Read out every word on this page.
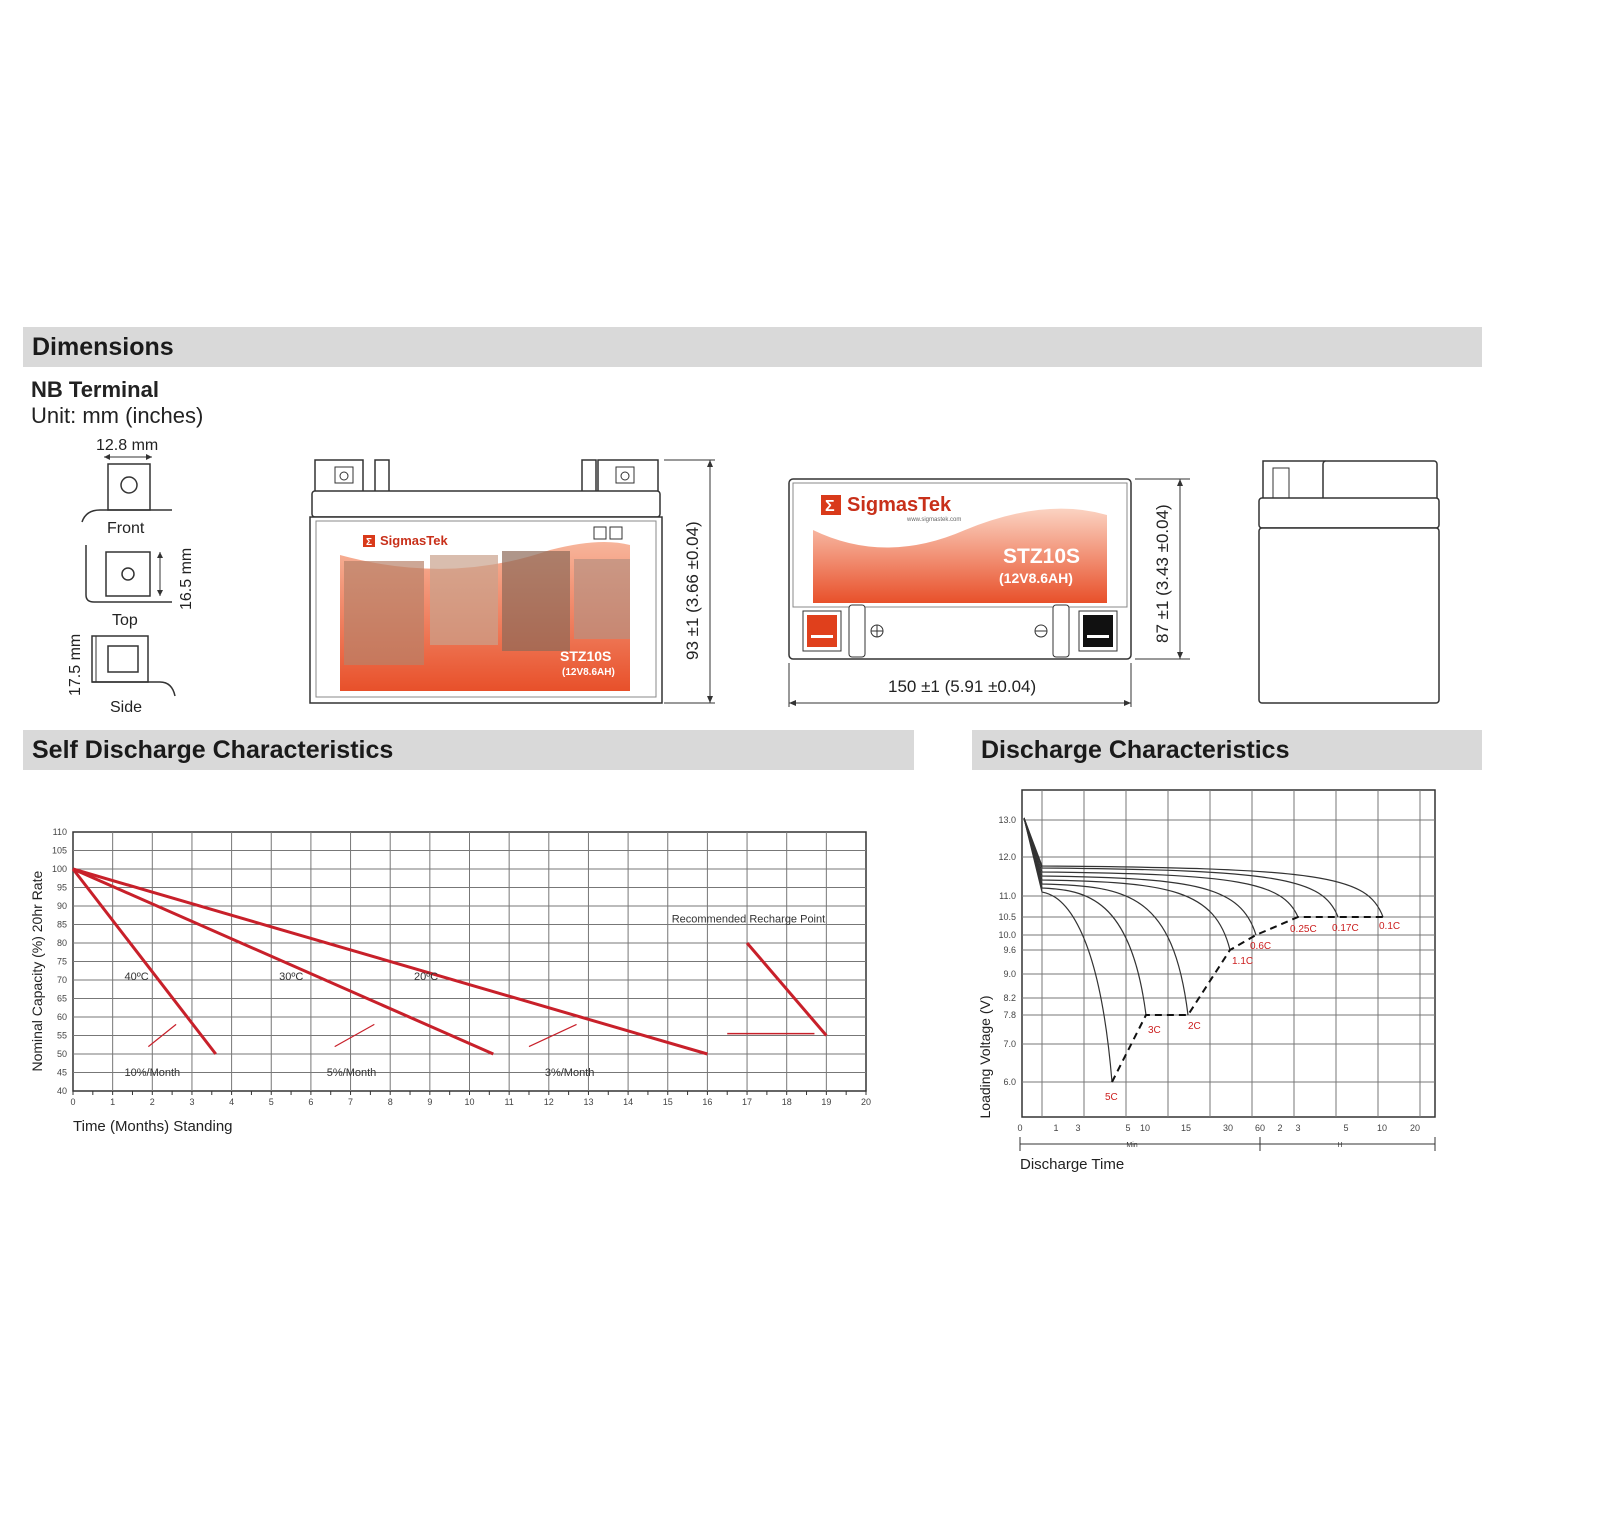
Dimensions
Self Discharge Characteristics	Discharge Characteristics
NB Terminal
Unit: mm (inches)
12.8 mm
Front
16.5 mm
Top
17.5 mm
Side
Σ SigmasTek
STZ10S
(12V8.6AH)
93 ±1 (3.66 ±0.04)
Σ SigmasTek
www.sigmastek.com
STZ10S
(12V8.6AH)	87 ±1 (3.43 ±0.04)
150 ±1 (5.91 ±0.04)
0	1	2	3	4	5	6	7	8	9	10	11	12	13	14	15	16	17	18	19	20
40
45
50
55
60
65
70
75
80
85
90
95
100
105
110
Nominal Capacity (%) 20hr Rate
Time (Months) Standing
40ºC
10%/Month
30ºC
5%/Month
20ºC
3%/Month
Recommended Recharge Point
6.0
7.0
7.8
8.2
9.0
9.6
10.0
10.5
11.0
12.0
13.0
0	1 3	5 10	15	30 60 2 3	5	10	20
Min	H
Discharge Time
Loading Voltage (V)	5C
3C	2C
1.1C
0.6C
0.25C 0.17C 0.1C
